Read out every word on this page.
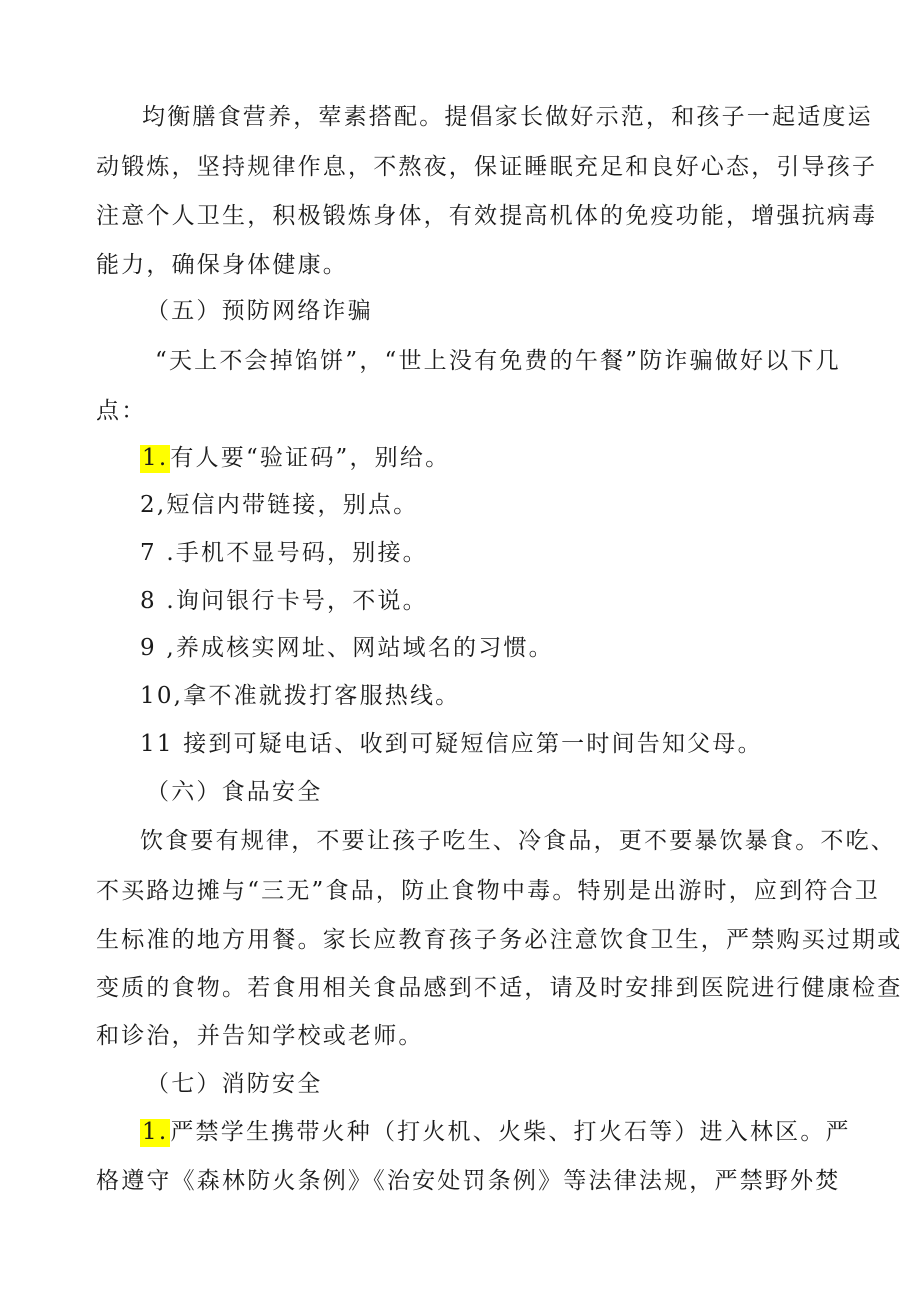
均衡膳食营养，荤素搭配。提倡家长做好示范，和孩子一起适度运
动锻炼，坚持规律作息，不熬夜，保证睡眠充足和良好心态，引导孩子
注意个人卫生，积极锻炼身体，有效提高机体的免疫功能，增强抗病毒
能力，确保身体健康。
（五）预防网络诈骗
“天上不会掉馅饼”，“世上没有免费的午餐”防诈骗做好以下几
点：
1.有人要“验证码”，别给。
2,短信内带链接，别点。
7 .手机不显号码，别接。
8 .询问银行卡号，不说。
9 ,养成核实网址、网站域名的习惯。
10,拿不准就拨打客服热线。
11 接到可疑电话、收到可疑短信应第一时间告知父母。
（六）食品安全
饮食要有规律，不要让孩子吃生、冷食品，更不要暴饮暴食。不吃、
不买路边摊与“三无”食品，防止食物中毒。特别是出游时，应到符合卫
生标准的地方用餐。家长应教育孩子务必注意饮食卫生，严禁购买过期或
变质的食物。若食用相关食品感到不适，请及时安排到医院进行健康检查
和诊治，并告知学校或老师。
（七）消防安全
1.严禁学生携带火种（打火机、火柴、打火石等）进入林区。严
格遵守《森林防火条例》《治安处罚条例》等法律法规，严禁野外焚
